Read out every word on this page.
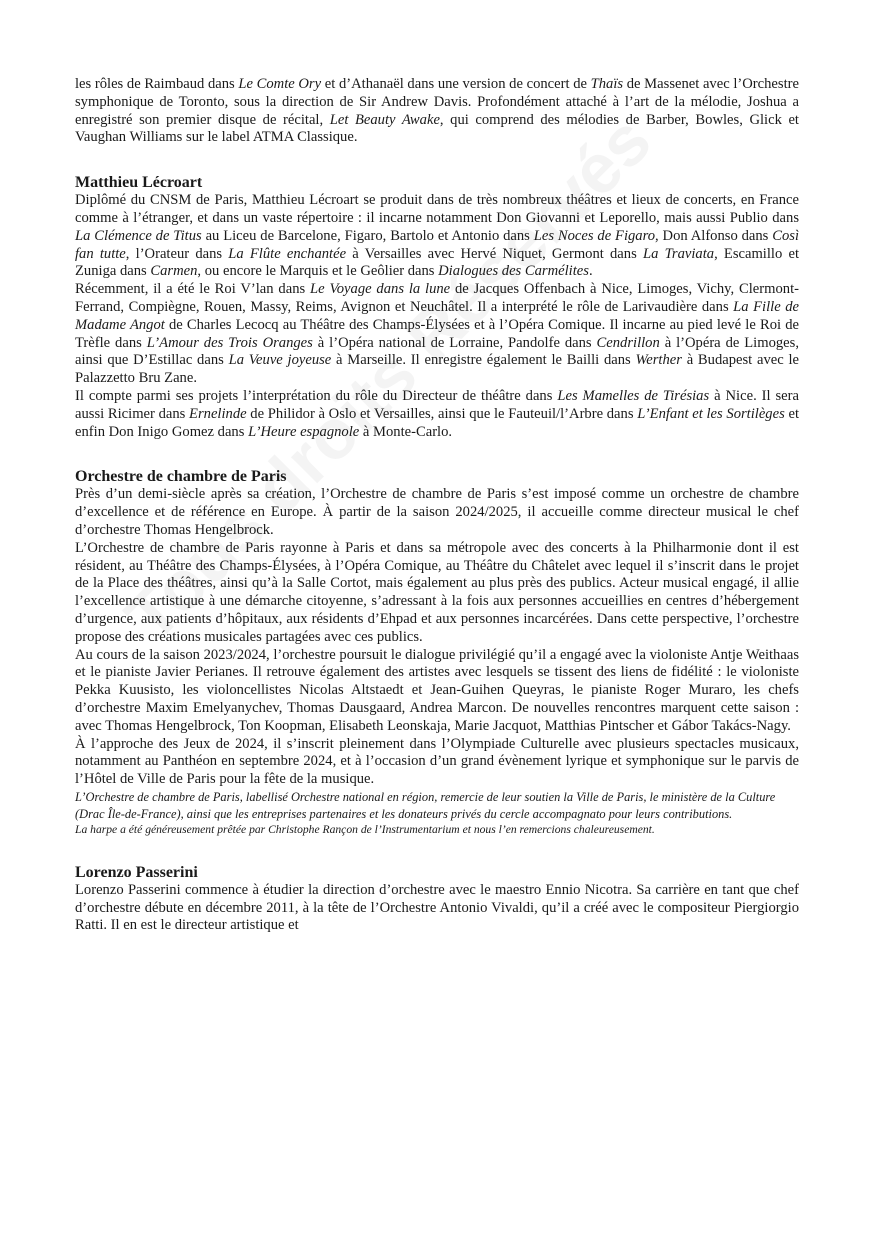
les rôles de Raimbaud dans Le Comte Ory et d’Athanaël dans une version de concert de Thaïs de Massenet avec l’Orchestre symphonique de Toronto, sous la direction de Sir Andrew Davis. Profondément attaché à l’art de la mélodie, Joshua a enregistré son premier disque de récital, Let Beauty Awake, qui comprend des mélodies de Barber, Bowles, Glick et Vaughan Williams sur le label ATMA Classique.

Matthieu Lécroart

Diplômé du CNSM de Paris, Matthieu Lécroart se produit dans de très nombreux théâtres et lieux de concerts, en France comme à l’étranger, et dans un vaste répertoire : il incarne notamment Don Giovanni et Leporello, mais aussi Publio dans La Clémence de Titus au Liceu de Barcelone, Figaro, Bartolo et Antonio dans Les Noces de Figaro, Don Alfonso dans Così fan tutte, l’Orateur dans La Flûte enchantée à Versailles avec Hervé Niquet, Germont dans La Traviata, Escamillo et Zuniga dans Carmen, ou encore le Marquis et le Geôlier dans Dialogues des Carmélites.

Récemment, il a été le Roi V’lan dans Le Voyage dans la lune de Jacques Offenbach à Nice, Limoges, Vichy, Clermont-Ferrand, Compiègne, Rouen, Massy, Reims, Avignon et Neuchâtel. Il a interprété le rôle de Larivaudière dans La Fille de Madame Angot de Charles Lecocq au Théâtre des Champs-Élysées et à l’Opéra Comique. Il incarne au pied levé le Roi de Trèfle dans L’Amour des Trois Oranges à l’Opéra national de Lorraine, Pandolfe dans Cendrillon à l’Opéra de Limoges, ainsi que D’Estillac dans La Veuve joyeuse à Marseille. Il enregistre également le Bailli dans Werther à Budapest avec le Palazzetto Bru Zane.

Il compte parmi ses projets l’interprétation du rôle du Directeur de théâtre dans Les Mamelles de Tirésias à Nice. Il sera aussi Ricimer dans Ernelinde de Philidor à Oslo et Versailles, ainsi que le Fauteuil/l’Arbre dans L’Enfant et les Sortilèges et enfin Don Inigo Gomez dans L’Heure espagnole à Monte-Carlo.

Orchestre de chambre de Paris

Près d’un demi-siècle après sa création, l’Orchestre de chambre de Paris s’est imposé comme un orchestre de chambre d’excellence et de référence en Europe. À partir de la saison 2024/2025, il accueille comme directeur musical le chef d’orchestre Thomas Hengelbrock.

L’Orchestre de chambre de Paris rayonne à Paris et dans sa métropole avec des concerts à la Philharmonie dont il est résident, au Théâtre des Champs-Élysées, à l’Opéra Comique, au Théâtre du Châtelet avec lequel il s’inscrit dans le projet de la Place des théâtres, ainsi qu’à la Salle Cortot, mais également au plus près des publics. Acteur musical engagé, il allie l’excellence artistique à une démarche citoyenne, s’adressant à la fois aux personnes accueillies en centres d’hébergement d’urgence, aux patients d’hôpitaux, aux résidents d’Ehpad et aux personnes incarcérées. Dans cette perspective, l’orchestre propose des créations musicales partagées avec ces publics.

Au cours de la saison 2023/2024, l’orchestre poursuit le dialogue privilégié qu’il a engagé avec la violoniste Antje Weithaas et le pianiste Javier Perianes. Il retrouve également des artistes avec lesquels se tissent des liens de fidélité : le violoniste Pekka Kuusisto, les violoncellistes Nicolas Altstaedt et Jean-Guihen Queyras, le pianiste Roger Muraro, les chefs d’orchestre Maxim Emelyanychev, Thomas Dausgaard, Andrea Marcon. De nouvelles rencontres marquent cette saison : avec Thomas Hengelbrock, Ton Koopman, Elisabeth Leonskaja, Marie Jacquot, Matthias Pintscher et Gábor Takács-Nagy.

À l’approche des Jeux de 2024, il s’inscrit pleinement dans l’Olympiade Culturelle avec plusieurs spectacles musicaux, notamment au Panthéon en septembre 2024, et à l’occasion d’un grand évènement lyrique et symphonique sur le parvis de l’Hôtel de Ville de Paris pour la fête de la musique.

L’Orchestre de chambre de Paris, labellisé Orchestre national en région, remercie de leur soutien la Ville de Paris, le ministère de la Culture (Drac Île-de-France), ainsi que les entreprises partenaires et les donateurs privés du cercle accompagnato pour leurs contributions.

La harpe a été généreusement prêtée par Christophe Rançon de l’Instrumentarium et nous l’en remercions chaleureusement.

Lorenzo Passerini

Lorenzo Passerini commence à étudier la direction d’orchestre avec le maestro Ennio Nicotra. Sa carrière en tant que chef d’orchestre débute en décembre 2011, à la tête de l’Orchestre Antonio Vivaldi, qu’il a créé avec le compositeur Piergiorgio Ratti. Il en est le directeur artistique et
